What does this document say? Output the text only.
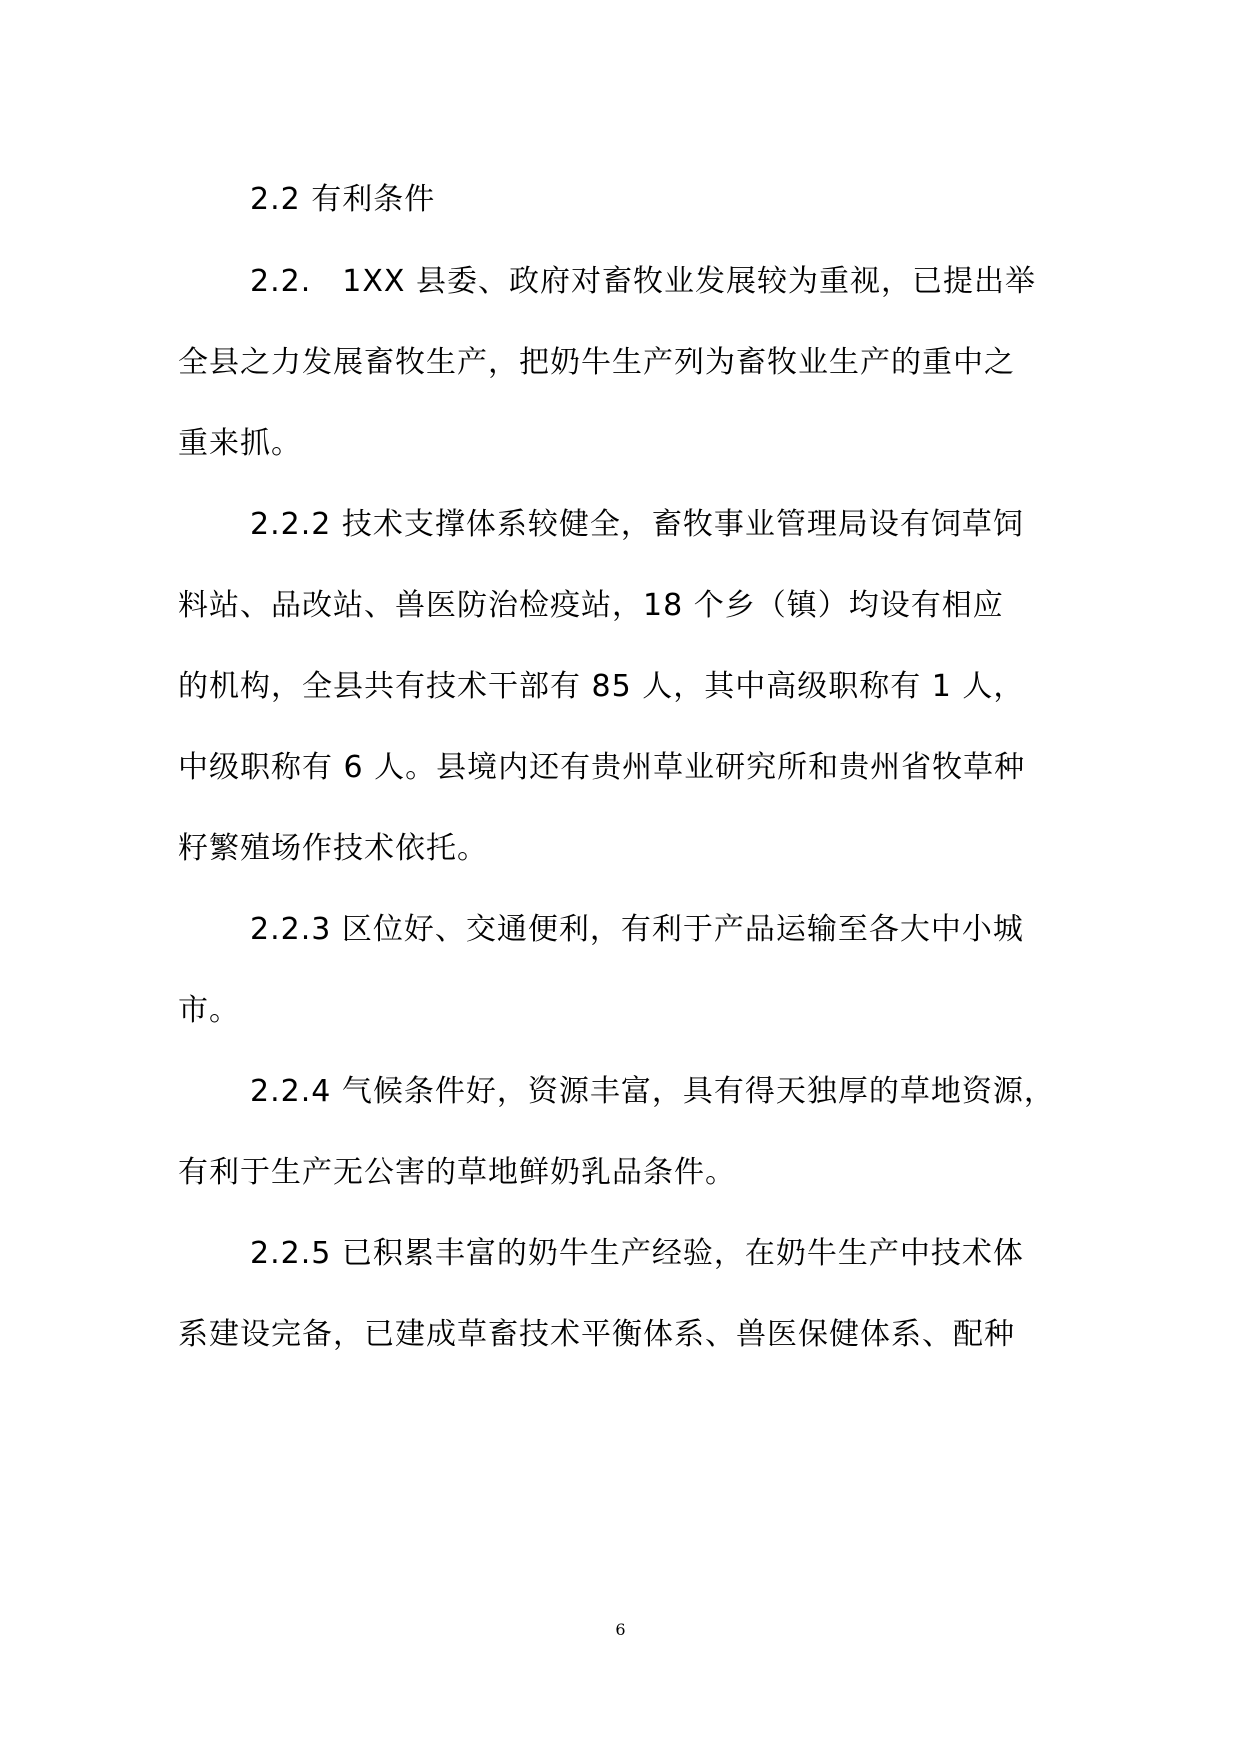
2.2 有利条件

2.2.　1XX 县委、政府对畜牧业发展较为重视，已提出举

全县之力发展畜牧生产，把奶牛生产列为畜牧业生产的重中之

重来抓。

2.2.2 技术支撑体系较健全，畜牧事业管理局设有饲草饲

料站、品改站、兽医防治检疫站，18 个乡（镇）均设有相应

的机构，全县共有技术干部有 85 人，其中高级职称有 1 人，

中级职称有 6 人。县境内还有贵州草业研究所和贵州省牧草种

籽繁殖场作技术依托。

2.2.3 区位好、交通便利，有利于产品运输至各大中小城

市。

2.2.4 气候条件好，资源丰富，具有得天独厚的草地资源，

有利于生产无公害的草地鲜奶乳品条件。

2.2.5 已积累丰富的奶牛生产经验，在奶牛生产中技术体

系建设完备，已建成草畜技术平衡体系、兽医保健体系、配种

6
